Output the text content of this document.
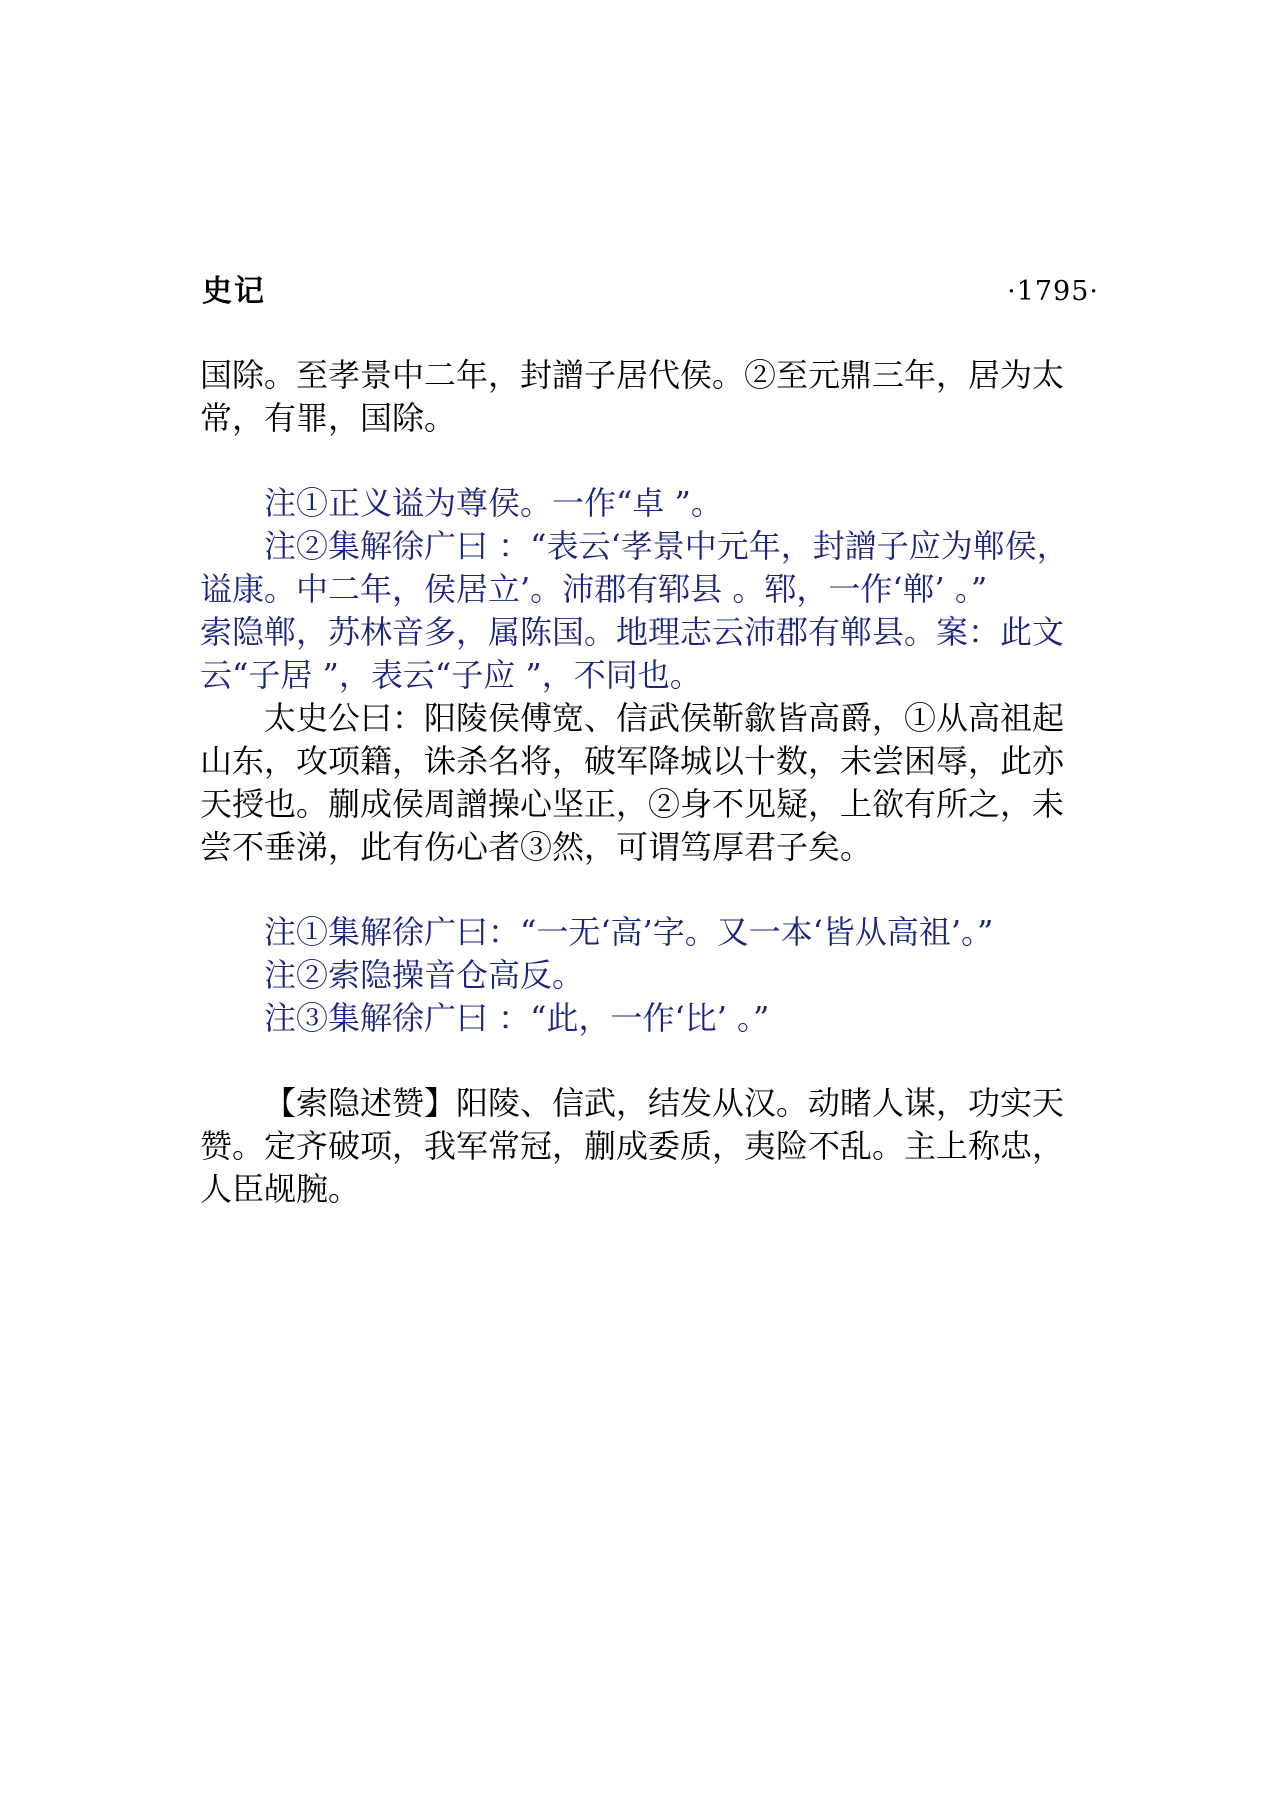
史记	·1795·
国除。至孝景中二年，封譄子居代侯。②至元鼎三年，居为太
常，有罪，国除。
注①正义谥为尊侯。一作“卓 ”。
注②集解徐广曰 ：“表云‘孝景中元年，封譄子应为郸侯，
谥康。中二年，侯居立’。沛郡有郓县 。郓，一作‘郸’ 。”
索隐郸，苏林音多，属陈国。地理志云沛郡有郸县。案：此文
云“子居 ”，表云“子应 ”，不同也。
太史公曰：阳陵侯傅宽、信武侯靳歙皆高爵，①从高祖起
山东，攻项籍，诛杀名将，破军降城以十数，未尝困辱，此亦
天授也。蒯成侯周譄操心坚正，②身不见疑，上欲有所之，未
尝不垂涕，此有伤心者③然，可谓笃厚君子矣。
注①集解徐广曰：“一无‘高’字。又一本‘皆从高祖’。”
注②索隐操音仓高反。
注③集解徐广曰 ：“此，一作‘比’ 。”
【索隐述赞】阳陵、信武，结发从汉。动睹人谋，功实天
赞。定齐破项，我军常冠，蒯成委质，夷险不乱。主上称忠，
人臣觇腕。
